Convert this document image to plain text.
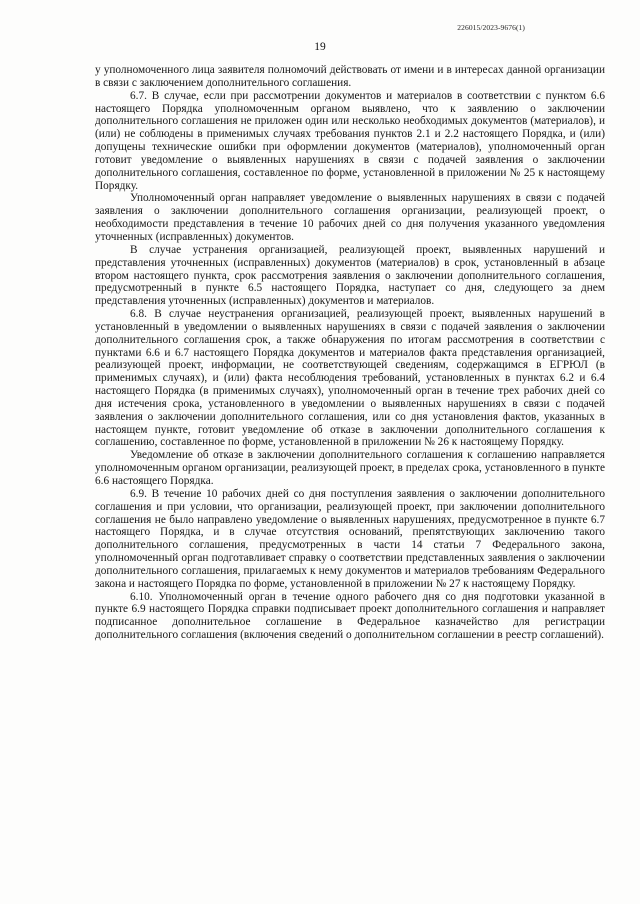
226015/2023-9676(1)
19

у уполномоченного лица заявителя полномочий действовать от имени и в интересах данной организации в связи с заключением дополнительного соглашения.

6.7. В случае, если при рассмотрении документов и материалов в соответствии с пунктом 6.6 настоящего Порядка уполномоченным органом выявлено, что к заявлению о заключении дополнительного соглашения не приложен один или несколько необходимых документов (материалов), и (или) не соблюдены в применимых случаях требования пунктов 2.1 и 2.2 настоящего Порядка, и (или) допущены технические ошибки при оформлении документов (материалов), уполномоченный орган готовит уведомление о выявленных нарушениях в связи с подачей заявления о заключении дополнительного соглашения, составленное по форме, установленной в приложении № 25 к настоящему Порядку.

Уполномоченный орган направляет уведомление о выявленных нарушениях в связи с подачей заявления о заключении дополнительного соглашения организации, реализующей проект, о необходимости представления в течение 10 рабочих дней со дня получения указанного уведомления уточненных (исправленных) документов.

В случае устранения организацией, реализующей проект, выявленных нарушений и представления уточненных (исправленных) документов (материалов) в срок, установленный в абзаце втором настоящего пункта, срок рассмотрения заявления о заключении дополнительного соглашения, предусмотренный в пункте 6.5 настоящего Порядка, наступает со дня, следующего за днем представления уточненных (исправленных) документов и материалов.

6.8. В случае неустранения организацией, реализующей проект, выявленных нарушений в установленный в уведомлении о выявленных нарушениях в связи с подачей заявления о заключении дополнительного соглашения срок, а также обнаружения по итогам рассмотрения в соответствии с пунктами 6.6 и 6.7 настоящего Порядка документов и материалов факта представления организацией, реализующей проект, информации, не соответствующей сведениям, содержащимся в ЕГРЮЛ (в применимых случаях), и (или) факта несоблюдения требований, установленных в пунктах 6.2 и 6.4 настоящего Порядка (в применимых случаях), уполномоченный орган в течение трех рабочих дней со дня истечения срока, установленного в уведомлении о выявленных нарушениях в связи с подачей заявления о заключении дополнительного соглашения, или со дня установления фактов, указанных в настоящем пункте, готовит уведомление об отказе в заключении дополнительного соглашения к соглашению, составленное по форме, установленной в приложении № 26 к настоящему Порядку.

Уведомление об отказе в заключении дополнительного соглашения к соглашению направляется уполномоченным органом организации, реализующей проект, в пределах срока, установленного в пункте 6.6 настоящего Порядка.

6.9. В течение 10 рабочих дней со дня поступления заявления о заключении дополнительного соглашения и при условии, что организации, реализующей проект, при заключении дополнительного соглашения не было направлено уведомление о выявленных нарушениях, предусмотренное в пункте 6.7 настоящего Порядка, и в случае отсутствия оснований, препятствующих заключению такого дополнительного соглашения, предусмотренных в части 14 статьи 7 Федерального закона, уполномоченный орган подготавливает справку о соответствии представленных заявления о заключении дополнительного соглашения, прилагаемых к нему документов и материалов требованиям Федерального закона и настоящего Порядка по форме, установленной в приложении № 27 к настоящему Порядку.

6.10. Уполномоченный орган в течение одного рабочего дня со дня подготовки указанной в пункте 6.9 настоящего Порядка справки подписывает проект дополнительного соглашения и направляет подписанное дополнительное соглашение в Федеральное казначейство для регистрации дополнительного соглашения (включения сведений о дополнительном соглашении в реестр соглашений).
